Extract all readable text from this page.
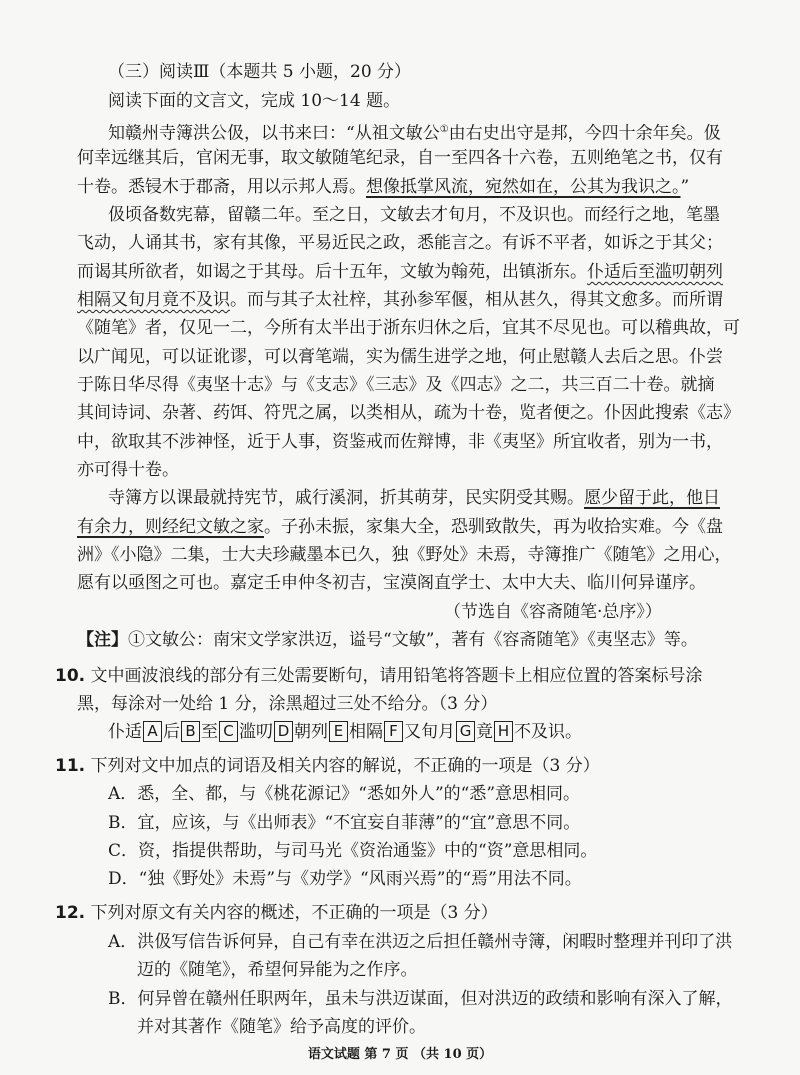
（三）阅读Ⅲ（本题共 5 小题，20 分）
阅读下面的文言文，完成 10～14 题。
知赣州寺簿洪公伋，以书来曰：“从祖文敏公①由右史出守是邦，今四十余年矣。伋
何幸远继其后，官闲无事，取文敏随笔纪录，自一至四各十六卷，五则绝笔之书，仅有
十卷。悉锓木于郡斋，用以示邦人焉。想像抵掌风流，宛然如在，公其为我识之。”
伋顷备数宪幕，留赣二年。至之日，文敏去才旬月，不及识也。而经行之地，笔墨
飞动，人诵其书，家有其像，平易近民之政，悉能言之。有诉不平者，如诉之于其父；
而谒其所欲者，如谒之于其母。后十五年，文敏为翰苑，出镇浙东。仆适后至滥叨朝列
相隔又旬月竟不及识。而与其子太社梓，其孙参军偃，相从甚久，得其文愈多。而所谓
《随笔》者，仅见一二，今所有太半出于浙东归休之后，宜其不尽见也。可以稽典故，可
以广闻见，可以证讹谬，可以膏笔端，实为儒生进学之地，何止慰赣人去后之思。仆尝
于陈日华尽得《夷坚十志》与《支志》《三志》及《四志》之二，共三百二十卷。就摘
其间诗词、杂著、药饵、符咒之属，以类相从，疏为十卷，览者便之。仆因此搜索《志》
中，欲取其不涉神怪，近于人事，资鉴戒而佐辩博，非《夷坚》所宜收者，别为一书，
亦可得十卷。
寺簿方以课最就持宪节，戚行溪洞，折其萌芽，民实阴受其赐。愿少留于此，他日
有余力，则经纪文敏之家。子孙未振，家集大全，恐驯致散失，再为收拾实难。今《盘
洲》《小隐》二集，士大夫珍藏墨本已久，独《野处》未焉，寺簿推广《随笔》之用心，
愿有以亟图之可也。嘉定壬申仲冬初吉，宝漠阁直学士、太中大夫、临川何异谨序。
（节选自《容斋随笔·总序》）
【注】①文敏公：南宋文学家洪迈，谥号“文敏”，著有《容斋随笔》《夷坚志》等。
10. 文中画波浪线的部分有三处需要断句，请用铅笔将答题卡上相应位置的答案标号涂
黑，每涂对一处给 1 分，涂黑超过三处不给分。（3 分）
仆适 A 后 B 至 C 滥叨 D 朝列 E 相隔 F 又旬月 G 竟 H 不及识。
11. 下列对文中加点的词语及相关内容的解说，不正确的一项是（3 分）
A．悉，全、都，与《桃花源记》“悉如外人”的“悉”意思相同。
B．宜，应该，与《出师表》“不宜妄自菲薄”的“宜”意思不同。
C．资，指提供帮助，与司马光《资治通鉴》中的“资”意思相同。
D．“独《野处》未焉”与《劝学》“风雨兴焉”的“焉”用法不同。
12. 下列对原文有关内容的概述，不正确的一项是（3 分）
A．洪伋写信告诉何异，自己有幸在洪迈之后担任赣州寺簿，闲暇时整理并刊印了洪
迈的《随笔》，希望何异能为之作序。
B．何异曾在赣州任职两年，虽未与洪迈谋面，但对洪迈的政绩和影响有深入了解，
并对其著作《随笔》给予高度的评价。
语文试题 第 7 页 （共 10 页）
